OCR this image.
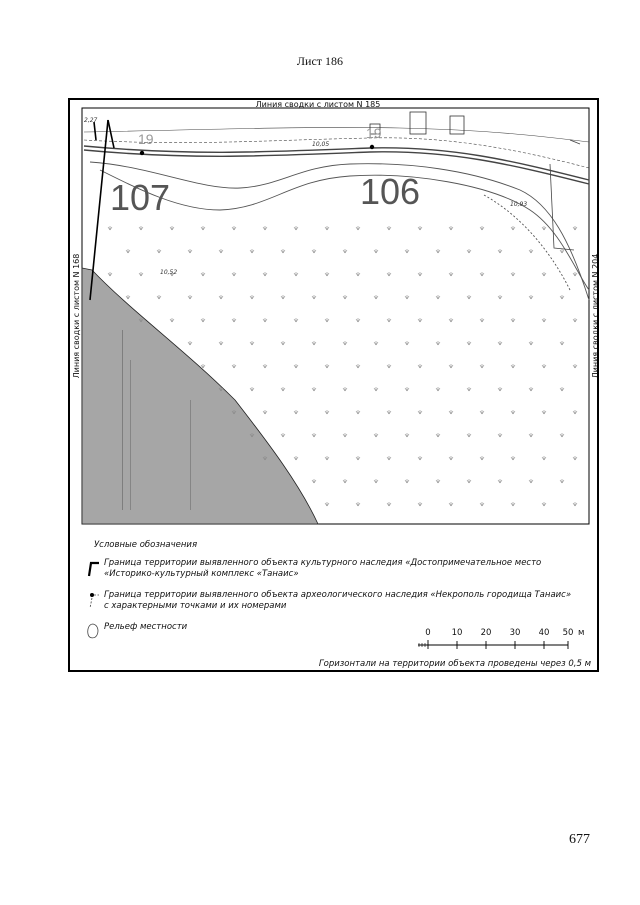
Лист 186
107	106
19	19
2,27
10,05
10,52
10,93
Линия сводки с листом N 185
Линия сводки с листом N 168	Линия сводки с листом N 204
Условные обозначения
Граница территории выявленного объекта культурного наследия «Достопримечательное место
«Историко-культурный комплекс «Танаис»
Граница территории выявленного объекта археологического наследия «Некрополь городища Танаис»
с характерными точками и их номерами
Рельеф местности
0 10 20 30 40 50 м
Горизонтали на территории объекта проведены через 0,5 м
677
